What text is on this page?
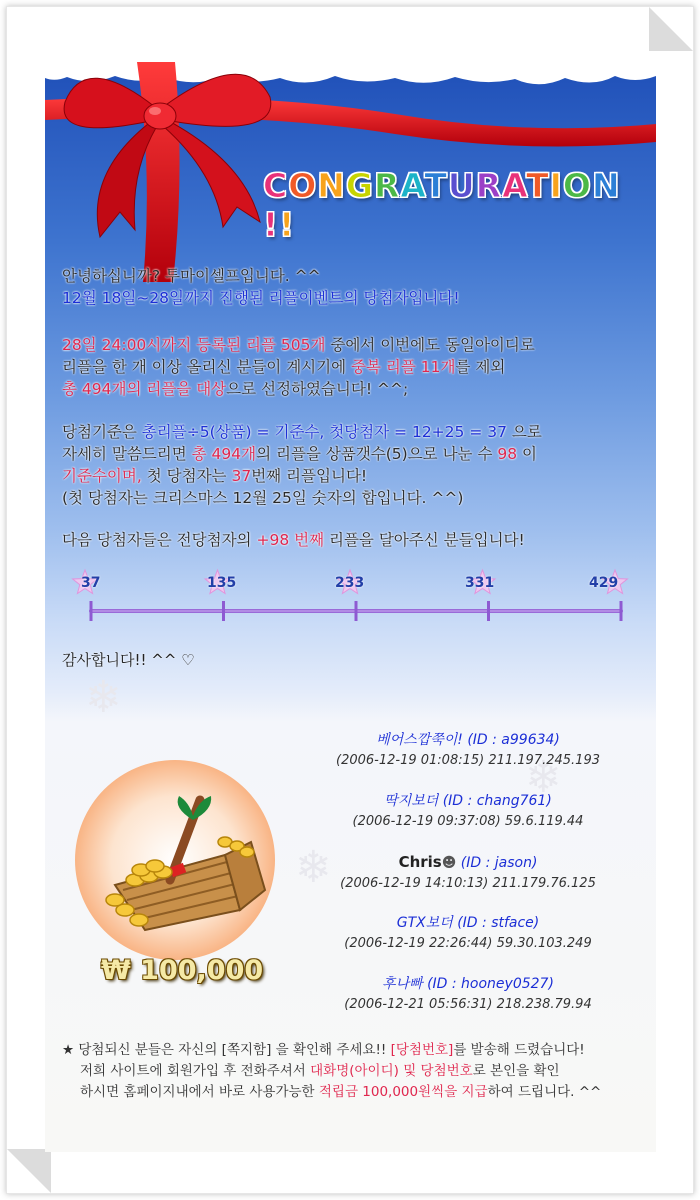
CONGRATURATION !!
안녕하십니까? 투마이셀프입니다. ^^
12월 18일~28일까지 진행된 리플이벤트의 당첨자입니다!
28일 24:00시까지 등록된 리플 505개 중에서 이번에도 동일아이디로
리플을 한 개 이상 올리신 분들이 계시기에 중복 리플 11개를 제외
총 494개의 리플을 대상으로 선정하였습니다! ^^;
당첨기준은 총리플÷5(상품) = 기준수, 첫당첨자 = 12+25 = 37 으로
자세히 말씀드리면 총 494개의 리플을 상품갯수(5)으로 나눈 수 98 이
기준수이며, 첫 당첨자는 37번째 리플입니다!
(첫 당첨자는 크리스마스 12월 25일 숫자의 합입니다. ^^)
다음 당첨자들은 전당첨자의 +98 번째 리플을 달아주신 분들입니다!
37	135	233	331	429
감사합니다!! ^^ ♡
❄
❄
❄
₩ 100,000
베어스깝쭉이! (ID : a99634)
(2006-12-19 01:08:15) 211.197.245.193
딱지보더 (ID : chang761)
(2006-12-19 09:37:08) 59.6.119.44
Chris☻ (ID : jason)
(2006-12-19 14:10:13) 211.179.76.125
GTX보더 (ID : stface)
(2006-12-19 22:26:44) 59.30.103.249
후나빠 (ID : hooney0527)
(2006-12-21 05:56:31) 218.238.79.94
★ 당첨되신 분들은 자신의 [쪽지함] 을 확인해 주세요!! [당첨번호]를 발송해 드렸습니다!
저희 사이트에 회원가입 후 전화주셔서 대화명(아이디) 및 당첨번호로 본인을 확인
하시면 홈페이지내에서 바로 사용가능한 적립금 100,000원씩을 지급하여 드립니다. ^^
